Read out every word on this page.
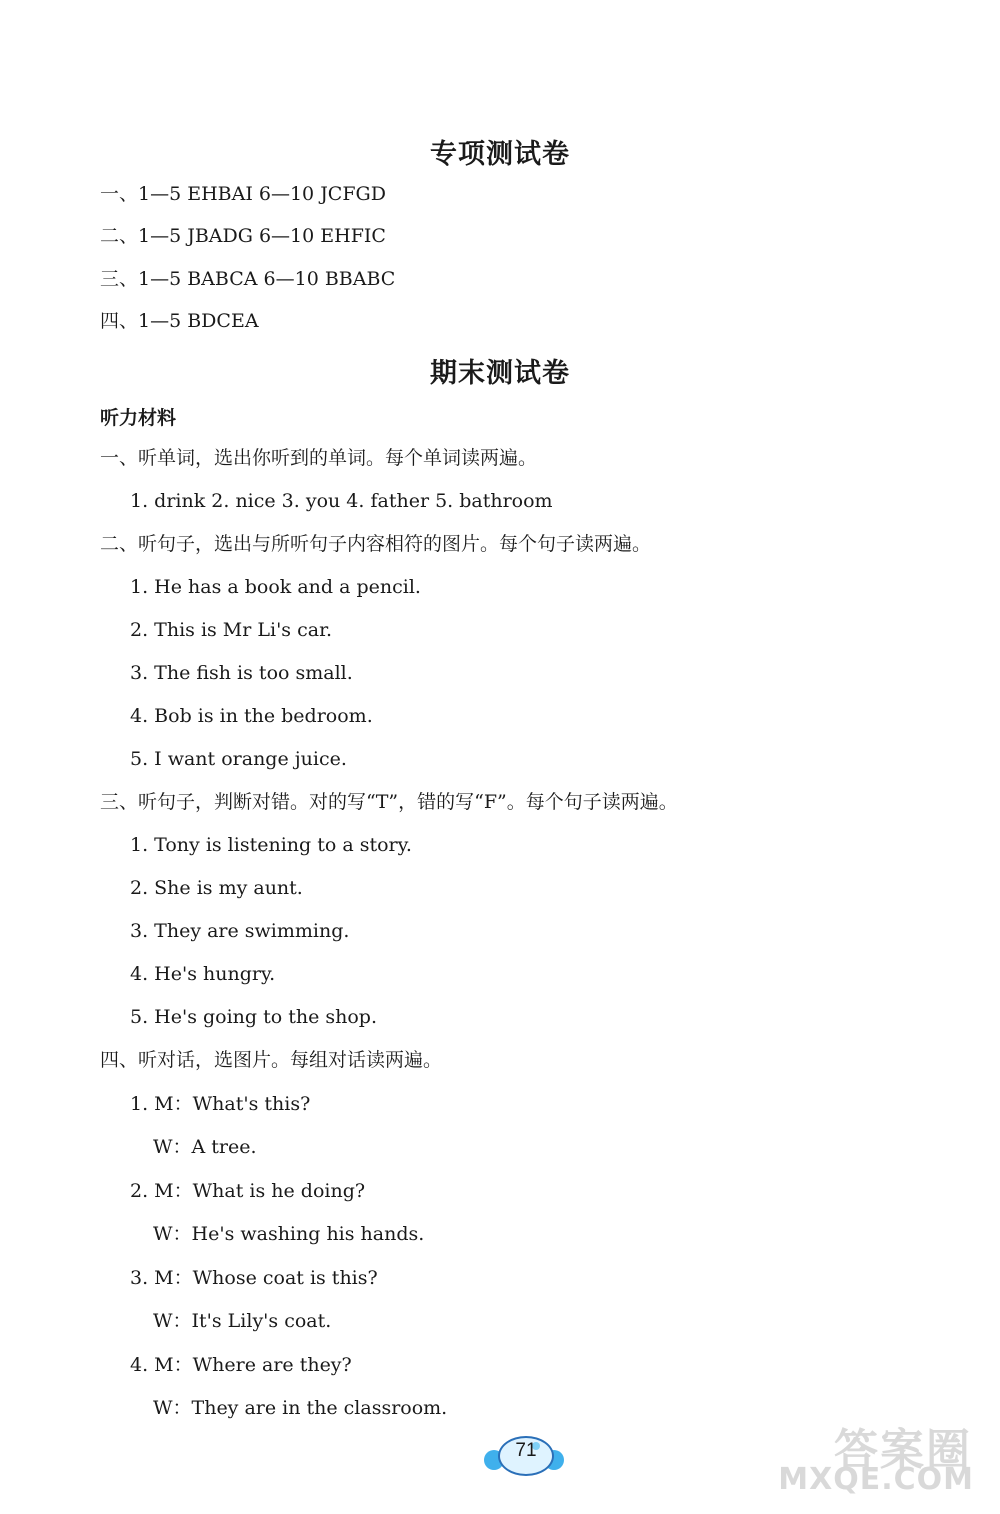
专项测试卷
一、1—5 EHBAI 6—10 JCFGD
二、1—5 JBADG 6—10 EHFIC
三、1—5 BABCA 6—10 BBABC
四、1—5 BDCEA
期末测试卷
听力材料
一、听单词，选出你听到的单词。每个单词读两遍。
1. drink 2. nice 3. you 4. father 5. bathroom
二、听句子，选出与所听句子内容相符的图片。每个句子读两遍。
1. He has a book and a pencil.
2. This is Mr Li's car.
3. The fish is too small.
4. Bob is in the bedroom.
5. I want orange juice.
三、听句子，判断对错。对的写“T”，错的写“F”。每个句子读两遍。
1. Tony is listening to a story.
2. She is my aunt.
3. They are swimming.
4. He's hungry.
5. He's going to the shop.
四、听对话，选图片。每组对话读两遍。
1. M：What's this?
W：A tree.
2. M：What is he doing?
W：He's washing his hands.
3. M：Whose coat is this?
W：It's Lily's coat.
4. M：Where are they?
W：They are in the classroom.
71	答案圈
MXQE.COM
